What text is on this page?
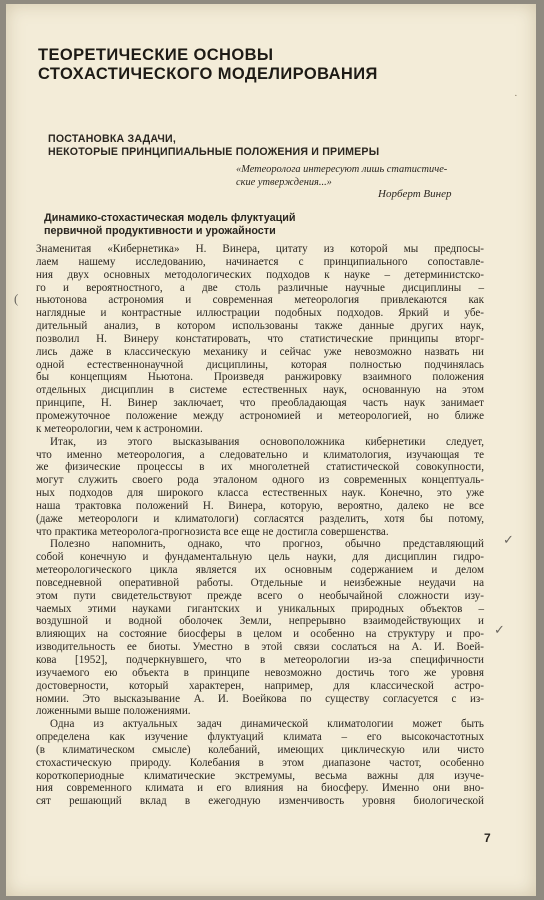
·
ТЕОРЕТИЧЕСКИЕ ОСНОВЫ
СТОХАСТИЧЕСКОГО МОДЕЛИРОВАНИЯ
ПОСТАНОВКА ЗАДАЧИ,
НЕКОТОРЫЕ ПРИНЦИПИАЛЬНЫЕ ПОЛОЖЕНИЯ И ПРИМЕРЫ
«Метеоролога интересуют лишь статистиче-
ские утверждения...»
Норберт Винер
Динамико-стохастическая модель флуктуаций
первичной продуктивности и урожайности
Знаменитая «Кибернетика» Н. Винера, цитату из которой мы предпосы-
лаем нашему исследованию, начинается с принципиального сопоставле-
ния двух основных методологических подходов к науке – детерминистско-
го и вероятностного, а две столь различные научные дисциплины –
ньютонова астрономия и современная метеорология привлекаются как
наглядные и контрастные иллюстрации подобных подходов. Яркий и убе-
дительный анализ, в котором использованы также данные других наук,
позволил Н. Винеру констатировать, что статистические принципы вторг-
лись даже в классическую механику и сейчас уже невозможно назвать ни
одной естественнонаучной дисциплины, которая полностью подчинялась
бы концепциям Ньютона. Произведя ранжировку взаимного положения
отдельных дисциплин в системе естественных наук, основанную на этом
принципе, Н. Винер заключает, что преобладающая часть наук занимает
промежуточное положение между астрономией и метеорологией, но ближе
к метеорологии, чем к астрономии.
Итак, из этого высказывания основоположника кибернетики следует,
что именно метеорология, а следовательно и климатология, изучающая те
же физические процессы в их многолетней статистической совокупности,
могут служить своего рода эталоном одного из современных концептуаль-
ных подходов для широкого класса естественных наук. Конечно, это уже
наша трактовка положений Н. Винера, которую, вероятно, далеко не все
(даже метеорологи и климатологи) согласятся разделить, хотя бы потому,
что практика метеоролога-прогнозиста все еще не достигла совершенства.
Полезно напомнить, однако, что прогноз, обычно представляющий
собой конечную и фундаментальную цель науки, для дисциплин гидро-
метеорологического цикла является их основным содержанием и делом
повседневной оперативной работы. Отдельные и неизбежные неудачи на
этом пути свидетельствуют прежде всего о необычайной сложности изу-
чаемых этими науками гигантских и уникальных природных объектов –
воздушной и водной оболочек Земли, непрерывно взаимодействующих и
влияющих на состояние биосферы в целом и особенно на структуру и про-
изводительность ее биоты. Уместно в этой связи сослаться на А. И. Воей-
кова [1952], подчеркнувшего, что в метеорологии из-за специфичности
изучаемого ею объекта в принципе невозможно достичь того же уровня
достоверности, который характерен, например, для классической астро-
номии. Это высказывание А. И. Воейкова по существу согласуется с из-
ложенными выше положениями.
Одна из актуальных задач динамической климатологии может быть
определена как изучение флуктуаций климата – его высокочастотных
(в климатическом смысле) колебаний, имеющих циклическую или чисто
стохастическую природу. Колебания в этом диапазоне частот, особенно
короткопериодные климатические экстремумы, весьма важны для изуче-
ния современного климата и его влияния на биосферу. Именно они вно-
сят решающий вклад в ежегодную изменчивость уровня биологической
(
✓
✓
7
